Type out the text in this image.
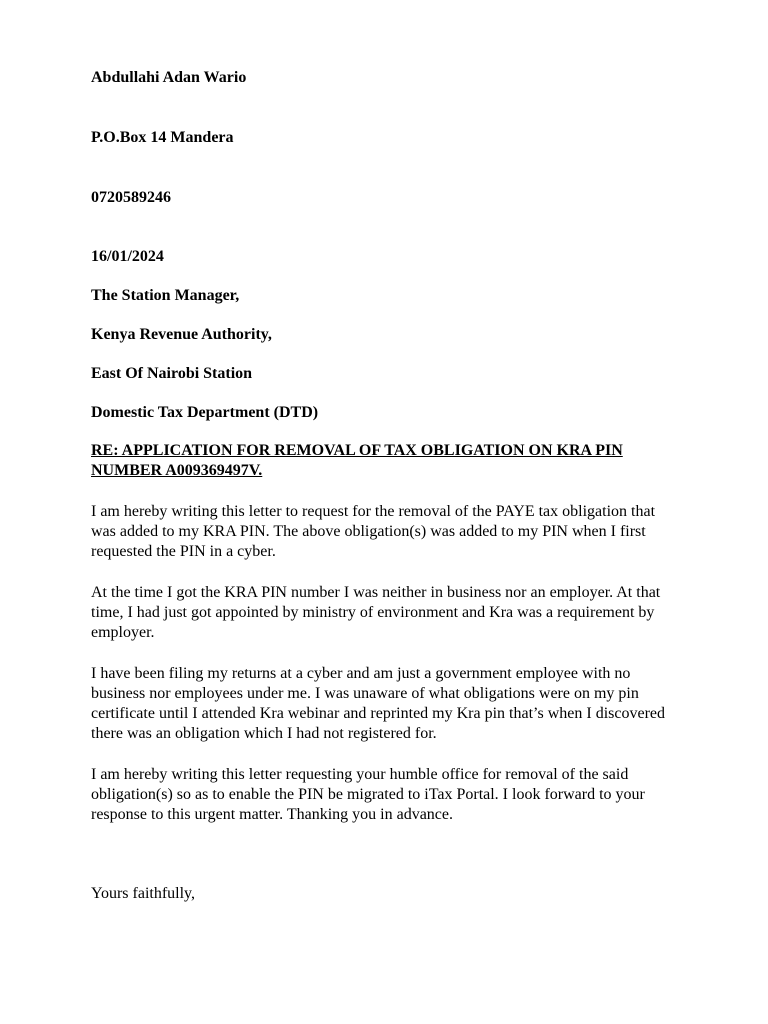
Abdullahi Adan Wario

P.O.Box 14 Mandera

0720589246

16/01/2024

The Station Manager,

Kenya Revenue Authority,

East Of Nairobi Station

Domestic Tax Department (DTD)

RE: APPLICATION FOR REMOVAL OF TAX OBLIGATION ON KRA PIN NUMBER A009369497V.

I am hereby writing this letter to request for the removal of the PAYE tax obligation that was added to my KRA PIN. The above obligation(s) was added to my PIN when I first requested the PIN in a cyber.

At the time I got the KRA PIN number I was neither in business nor an employer. At that time, I had just got appointed by ministry of environment and Kra was a requirement by employer.

I have been filing my returns at a cyber and am just a government employee with no business nor employees under me. I was unaware of what obligations were on my pin certificate until I attended Kra webinar and reprinted my Kra pin that’s when I discovered there was an obligation which I had not registered for.

I am hereby writing this letter requesting your humble office for removal of the said obligation(s) so as to enable the PIN be migrated to iTax Portal. I look forward to your response to this urgent matter. Thanking you in advance.

Yours faithfully,
